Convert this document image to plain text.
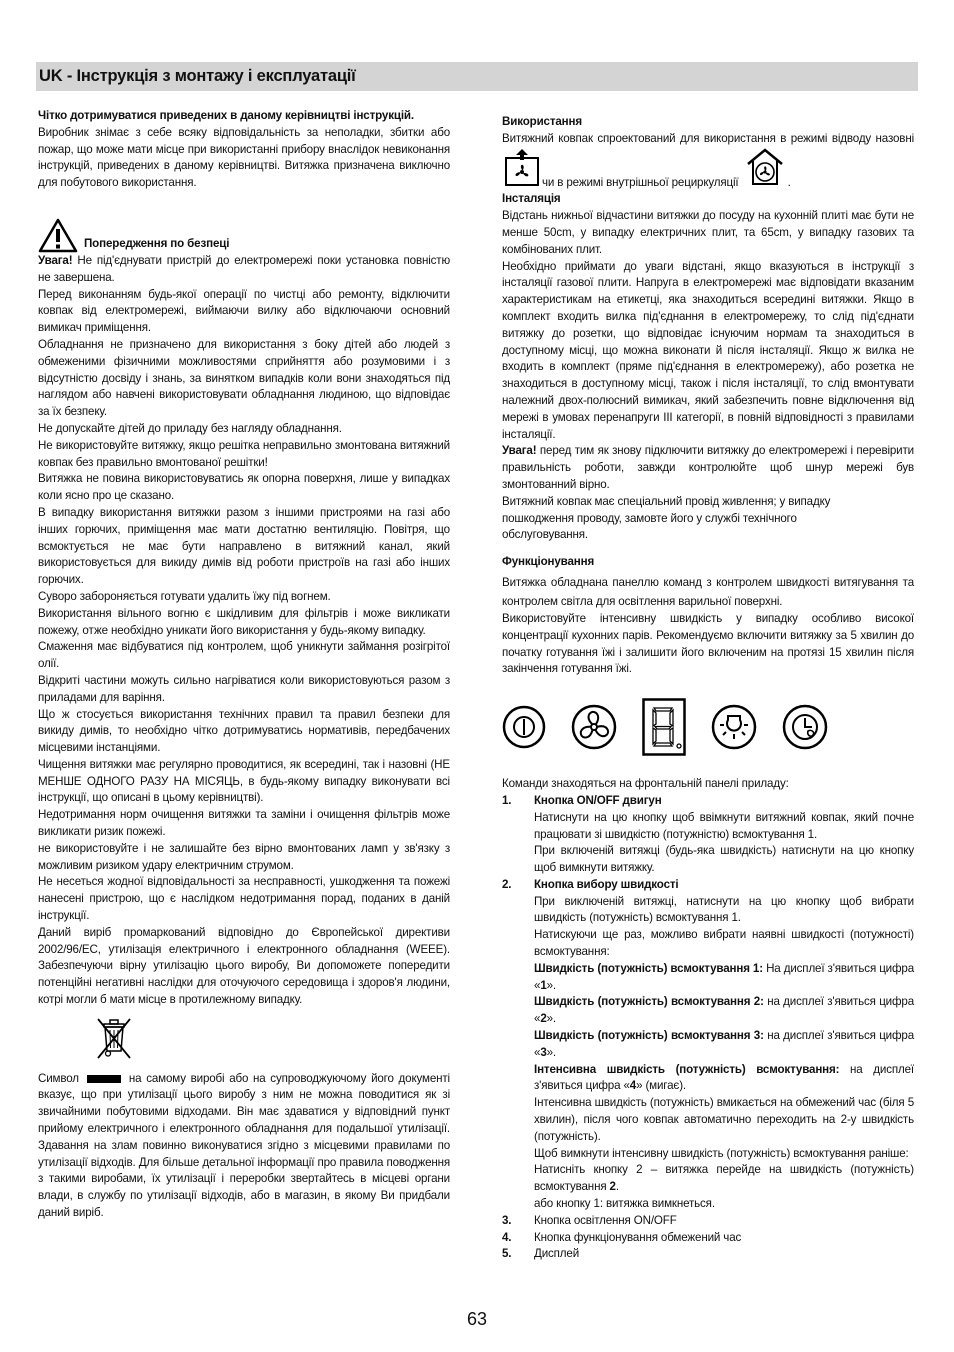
UK - Інструкція з монтажу і експлуатації

Чітко дотримуватися приведених в даному керівництві інструкцій.

Виробник знімає з себе всяку відповідальність за неполадки, збитки або пожар, що може мати місце при використанні прибору внаслідок невиконання інструкцій, приведених в даному керівництві. Витяжка призначена виключно для побутового використання.

Попередження по безпеці

Увага! Не під'єднувати пристрій до електромережі поки установка повністю не завершена.

Перед виконанням будь-якої операції по чистці або ремонту, відключити ковпак від електромережі, виймаючи вилку або відключаючи основний вимикач приміщення.

Обладнання не призначено для використання з боку дітей або людей з обмеженими фізичними можливостями сприйняття або розумовими і з відсутністю досвіду і знань, за винятком випадків коли вони знаходяться під наглядом або навчені використовувати обладнання людиною, що відповідає за їх безпеку.

Не допускайте дітей до приладу без нагляду обладнання.

Не використовуйте витяжку, якщо решітка неправильно змонтована витяжний ковпак без правильно вмонтованої решітки!

Витяжка не повина використовуватись як опорна поверхня, лише у випадках коли ясно про це сказано.

В випадку використання витяжки разом з іншими пристроями на газі або інших горючих, приміщення має мати достатню вентиляцію. Повітря, що всмоктується не має бути направлено в витяжний канал, який використовується для викиду димів від роботи пристроїв на газі або інших горючих.

Суворо забороняється готувати удалить їжу під вогнем.

Використання вільного вогню є шкідливим для фільтрів і може викликати пожежу, отже необхідно уникати його використання у будь-якому випадку.

Смаження має відбуватися під контролем, щоб уникнути займання розігрітої олії.

Відкриті частини можуть сильно нагріватися коли використовуються разом з приладами для варіння.

Що ж стосується використання технічних правил та правил безпеки для викиду димів, то необхідно чітко дотримуватись нормативів, передбачених місцевими інстанціями.

Чищення витяжки має регулярно проводитися, як всередині, так і назовні (НЕ МЕНШЕ ОДНОГО РАЗУ НА МІСЯЦЬ, в будь-якому випадку виконувати всі інструкції, що описані в цьому керівництві).

Недотримання норм очищення витяжки та заміни і очищення фільтрів може викликати ризик пожежі.

не використовуйте і не залишайте без вірно вмонтованих ламп у зв'язку з можливим ризиком удару електричним струмом.

Не несеться жодної відповідальності за несправності, ушкодження та пожежі нанесені пристрою, що є наслідком недотримання порад, поданих в даній інструкції.

Даний виріб промаркований відповідно до Європейської директиви 2002/96/EC, утилізація електричного і електронного обладнання (WEEE). Забезпечуючи вірну утилізацію цього виробу, Ви допоможете попередити потенційні негативні наслідки для оточуючого середовища і здоров'я людини, котрі могли б мати місце в протилежному випадку.

Символ	на самому виробі або на супроводжуючому його документі вказує, що при утилізації цього виробу з ним не можна поводитися як зі звичайними побутовими відходами. Він має здаватися у відповідний пункт прийому електричного і електронного обладнання для подальшої утилізації. Здавання на злам повинно виконуватися згідно з місцевими правилами по утилізації відходів. Для більше детальної інформації про правила поводження з такими виробами, їх утилізації і переробки звертайтесь в місцеві органи влади, в службу по утилізації відходів, або в магазин, в якому Ви придбали даний виріб.

Використання

Витяжний ковпак спроектований для використання в режимі відводу назовні чи в режимі внутрішньої рециркуляції	.

Інсталяція

Відстань нижньої відчастини витяжки до посуду на кухонній плиті має бути не менше 50cm, у випадку електричних плит, та 65cm, у випадку газових та комбінованих плит.

Необхідно приймати до уваги відстані, якщо вказуються в інструкції з інсталяції газової плити. Напруга в електромережі має відповідати вказаним характеристикам на етикетці, яка знаходиться всередині витяжки. Якщо в комплект входить вилка під'єднання в електромережу, то слід під'єднати витяжку до розетки, що відповідає існуючим нормам та знаходиться в доступному місці, що можна виконати й після інсталяції. Якщо ж вилка не входить в комплект (пряме під'єднання в електромережу), або розетка не знаходиться в доступному місці, також і після інсталяції, то слід вмонтувати належний двох-полюсний вимикач, який забезпечить повне відключення від мережі в умовах перенапруги III категорії, в повній відповідності з правилами інсталяції.

Увага! перед тим як знову підключити витяжку до електромережі і перевірити правильність роботи, завжди контролюйте щоб шнур мережі був змонтованний вірно.

Витяжний ковпак має спеціальний провід живлення; у випадку

пошкодження проводу, замовте його у службі технічного

обслуговування.

Функціонування

Витяжка обладнана панеллю команд з контролем швидкості витягування та контролем світла для освітлення варильної поверхні.

Використовуйте інтенсивну швидкість у випадку особливо високої концентрації кухонних парів. Рекомендуємо включити витяжку за 5 хвилин до початку готування їжі і залишити його включеним на протязі 15 хвилин після закінчення готування їжі.

Команди знаходяться на фронтальній панелі приладу:

1.	Кнопка ON/OFF двигун

Натиснути на цю кнопку щоб ввімкнути витяжний ковпак, який почне працювати зі швидкістю (потужністю) всмоктування 1.

При включеній витяжці (будь-яка швидкість) натиснути на цю кнопку щоб вимкнути витяжку.

2.	Кнопка вибору швидкості

При виключеній витяжці, натиснути на цю кнопку щоб вибрати швидкість (потужність) всмоктування 1.

Натискуючи ще раз, можливо вибрати наявні швидкості (потужності) всмоктування:

Швидкість (потужність) всмоктування 1: На дисплеї з'явиться цифра «1».

Швидкість (потужність) всмоктування 2: на дисплеї з'явиться цифра «2».

Швидкість (потужність) всмоктування 3: на дисплеї з'явиться цифра «3».

Інтенсивна швидкість (потужність) всмоктування: на дисплеї з'явиться цифра «4» (мигає).

Інтенсивна швидкість (потужність) вмикається на обмежений час (біля 5 хвилин), після чого ковпак автоматично переходить на 2-у швидкість (потужність).

Щоб вимкнути інтенсивну швидкість (потужність) всмоктування раніше:

Натисніть кнопку 2 – витяжка перейде на швидкість (потужність) всмоктування 2.

або кнопку 1: витяжка вимкнеться.

3.	Кнопка освітлення ON/OFF
4.	Кнопка функціонування обмежений час
5.	Дисплей
63
